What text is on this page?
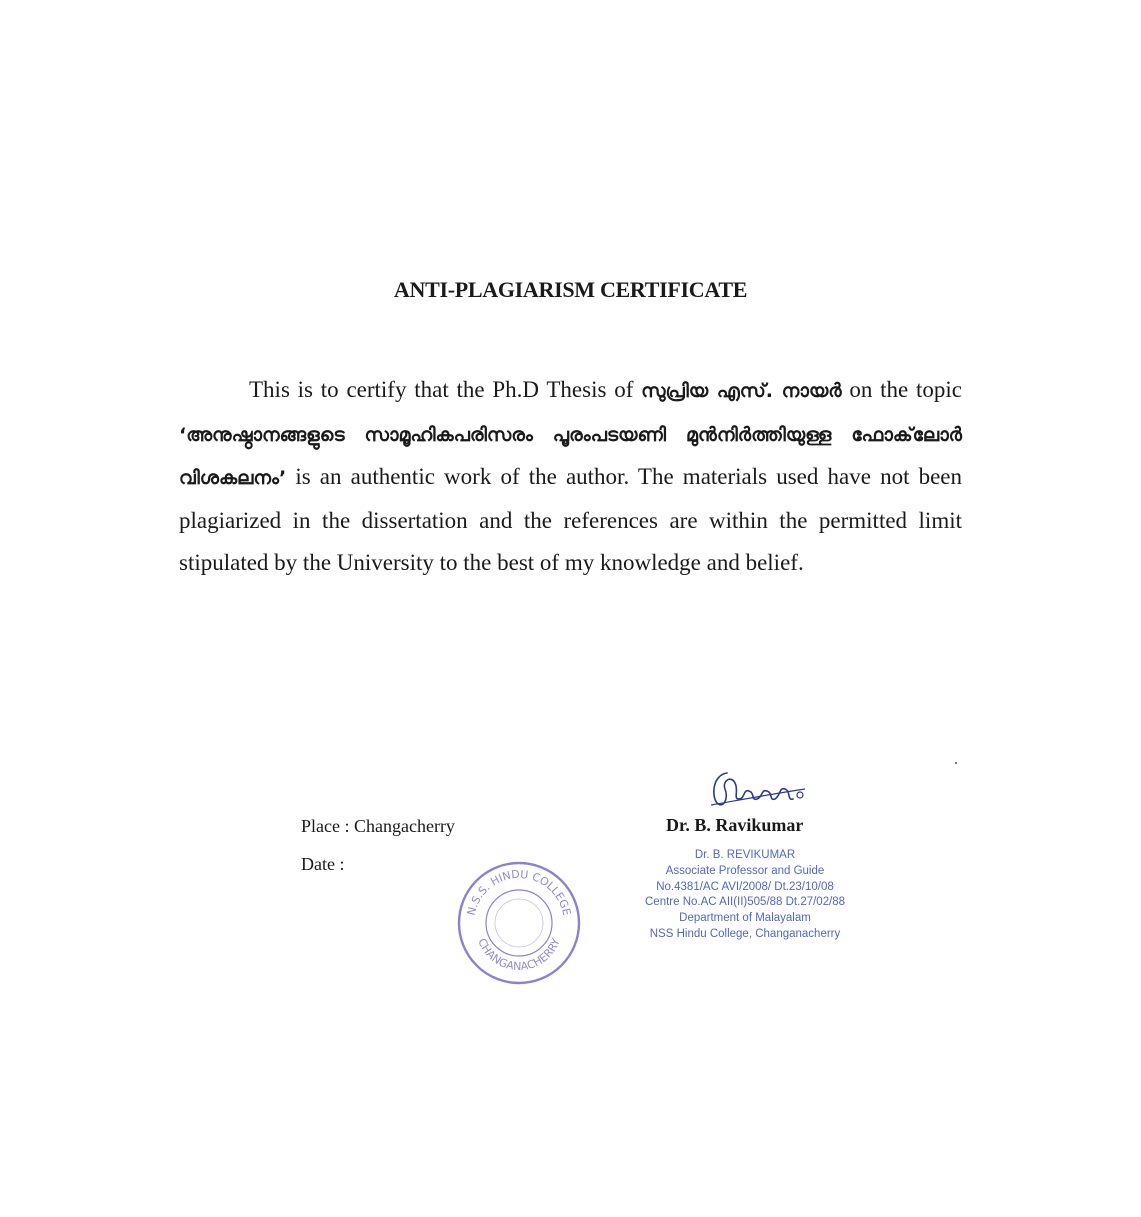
ANTI-PLAGIARISM CERTIFICATE

This is to certify that the Ph.D Thesis of സുപ്രിയ എസ്. നായർ on the topic ‘അനുഷ്ഠാനങ്ങളുടെ സാമൂഹികപരിസരം പൂരംപടയണി മുൻനിർത്തിയുള്ള ഫോക്‌ലോർ വിശകലനം’ is an authentic work of the author. The materials used have not been plagiarized in the dissertation and the references are within the permitted limit stipulated by the University to the best of my knowledge and belief.

Place : Changacherry
Date :
Dr. B. Ravikumar
N.S.S. HINDU COLLEGE
CHANGANACHERRY
Dr. B. REVIKUMAR
Associate Professor and Guide
No.4381/AC AVI/2008/ Dt.23/10/08
Centre No.AC AII(II)505/88 Dt.27/02/88
Department of Malayalam
NSS Hindu College, Changanacherry
